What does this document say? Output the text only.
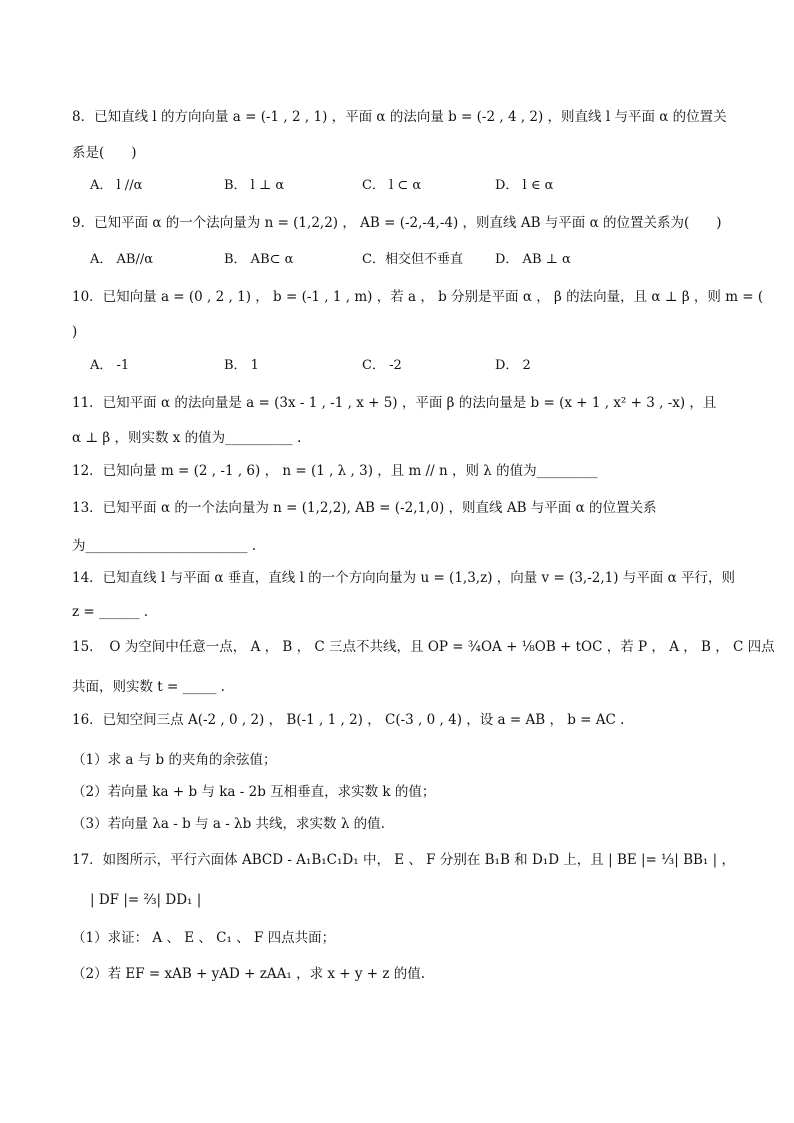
8．已知直线 l 的方向向量 a = (-1 , 2 , 1) ，平面 α 的法向量 b = (-2 , 4 , 2) ，则直线 l 与平面 α 的位置关
系是(　　)
A． l //α	B． l ⊥ α	C． l ⊂ α	D． l ∈ α
9．已知平面 α 的一个法向量为 n = (1,2,2) ， AB = (-2,-4,-4) ，则直线 AB 与平面 α 的位置关系为(　　)
A． AB//α	B． AB⊂ α	C．相交但不垂直 D． AB ⊥ α
10．已知向量 a = (0 , 2 , 1) ， b = (-1 , 1 , m) ，若 a ， b 分别是平面 α ， β 的法向量，且 α ⊥ β ，则 m = (
)
A． -1	B． 1	C． -2	D． 2
11．已知平面 α 的法向量是 a = (3x - 1 , -1 , x + 5) ，平面 β 的法向量是 b = (x + 1 , x² + 3 , -x) ，且
α ⊥ β ，则实数 x 的值为__________ .
12．已知向量 m = (2 , -1 , 6) ， n = (1 , λ , 3) ，且 m // n ，则 λ 的值为_________
13．已知平面 α 的一个法向量为 n = (1,2,2), AB = (-2,1,0) ，则直线 AB 与平面 α 的位置关系
为________________________ .
14．已知直线 l 与平面 α 垂直，直线 l 的一个方向向量为 u = (1,3,z) ，向量 v = (3,-2,1) 与平面 α 平行，则
z = ______ .
15．　O 为空间中任意一点， A ， B ， C 三点不共线，且 OP = ¾OA + ⅛OB + tOC ，若 P ， A ， B ， C 四点
共面，则实数 t = _____ .
16．已知空间三点 A(-2 , 0 , 2) ， B(-1 , 1 , 2) ， C(-3 , 0 , 4) ，设 a = AB ， b = AC .
（1）求 a 与 b 的夹角的余弦值；
（2）若向量 ka + b 与 ka - 2b 互相垂直，求实数 k 的值；
（3）若向量 λa - b 与 a - λb 共线，求实数 λ 的值.
17．如图所示，平行六面体 ABCD - A₁B₁C₁D₁ 中， E 、 F 分别在 B₁B 和 D₁D 上，且 | BE |= ⅓| BB₁ | ，
| DF |= ⅔| DD₁ |
（1）求证： A 、 E 、 C₁ 、 F 四点共面；
（2）若 EF = xAB + yAD + zAA₁ ，求 x + y + z 的值.
